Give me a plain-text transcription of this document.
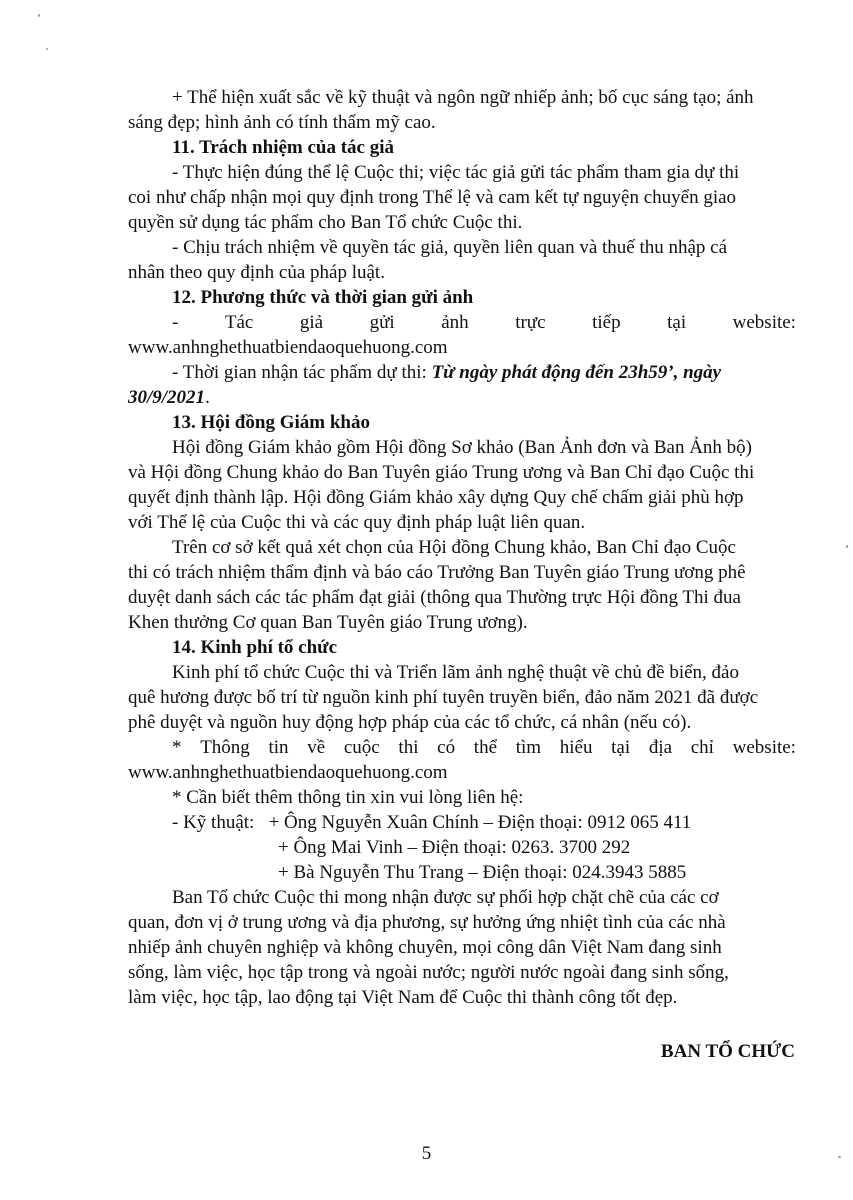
+ Thể hiện xuất sắc về kỹ thuật và ngôn ngữ nhiếp ảnh; bố cục sáng tạo; ánh
sáng đẹp; hình ảnh có tính thẩm mỹ cao.
11. Trách nhiệm của tác giả
- Thực hiện đúng thể lệ Cuộc thi; việc tác giả gửi tác phẩm tham gia dự thi
coi như chấp nhận mọi quy định trong Thể lệ và cam kết tự nguyện chuyển giao
quyền sử dụng tác phẩm cho Ban Tổ chức Cuộc thi.
- Chịu trách nhiệm về quyền tác giả, quyền liên quan và thuế thu nhập cá
nhân theo quy định của pháp luật.
12. Phương thức và thời gian gửi ảnh
- Tác giả gửi ảnh trực tiếp tại website:
www.anhnghethuatbiendaoquehuong.com
- Thời gian nhận tác phẩm dự thi: Từ ngày phát động đến 23h59’, ngày
30/9/2021.
13. Hội đồng Giám khảo
Hội đồng Giám khảo gồm Hội đồng Sơ khảo (Ban Ảnh đơn và Ban Ảnh bộ)
và Hội đồng Chung khảo do Ban Tuyên giáo Trung ương và Ban Chỉ đạo Cuộc thi
quyết định thành lập. Hội đồng Giám khảo xây dựng Quy chế chấm giải phù hợp
với Thể lệ của Cuộc thi và các quy định pháp luật liên quan.
Trên cơ sở kết quả xét chọn của Hội đồng Chung khảo, Ban Chỉ đạo Cuộc
thi có trách nhiệm thẩm định và báo cáo Trưởng Ban Tuyên giáo Trung ương phê
duyệt danh sách các tác phẩm đạt giải (thông qua Thường trực Hội đồng Thi đua
Khen thưởng Cơ quan Ban Tuyên giáo Trung ương).
14. Kinh phí tổ chức
Kinh phí tổ chức Cuộc thi và Triển lãm ảnh nghệ thuật về chủ đề biển, đảo
quê hương được bố trí từ nguồn kinh phí tuyên truyền biển, đảo năm 2021 đã được
phê duyệt và nguồn huy động hợp pháp của các tổ chức, cá nhân (nếu có).
* Thông tin về cuộc thi có thể tìm hiểu tại địa chỉ website:
www.anhnghethuatbiendaoquehuong.com
* Cần biết thêm thông tin xin vui lòng liên hệ:
- Kỹ thuật:   + Ông Nguyễn Xuân Chính – Điện thoại: 0912 065 411
+ Ông Mai Vinh – Điện thoại: 0263. 3700 292
+ Bà Nguyễn Thu Trang – Điện thoại: 024.3943 5885
Ban Tổ chức Cuộc thi mong nhận được sự phối hợp chặt chẽ của các cơ
quan, đơn vị ở trung ương và địa phương, sự hưởng ứng nhiệt tình của các nhà
nhiếp ảnh chuyên nghiệp và không chuyên, mọi công dân Việt Nam đang sinh
sống, làm việc, học tập trong và ngoài nước; người nước ngoài đang sinh sống,
làm việc, học tập, lao động tại Việt Nam để Cuộc thi thành công tốt đẹp.
BAN TỔ CHỨC
5
